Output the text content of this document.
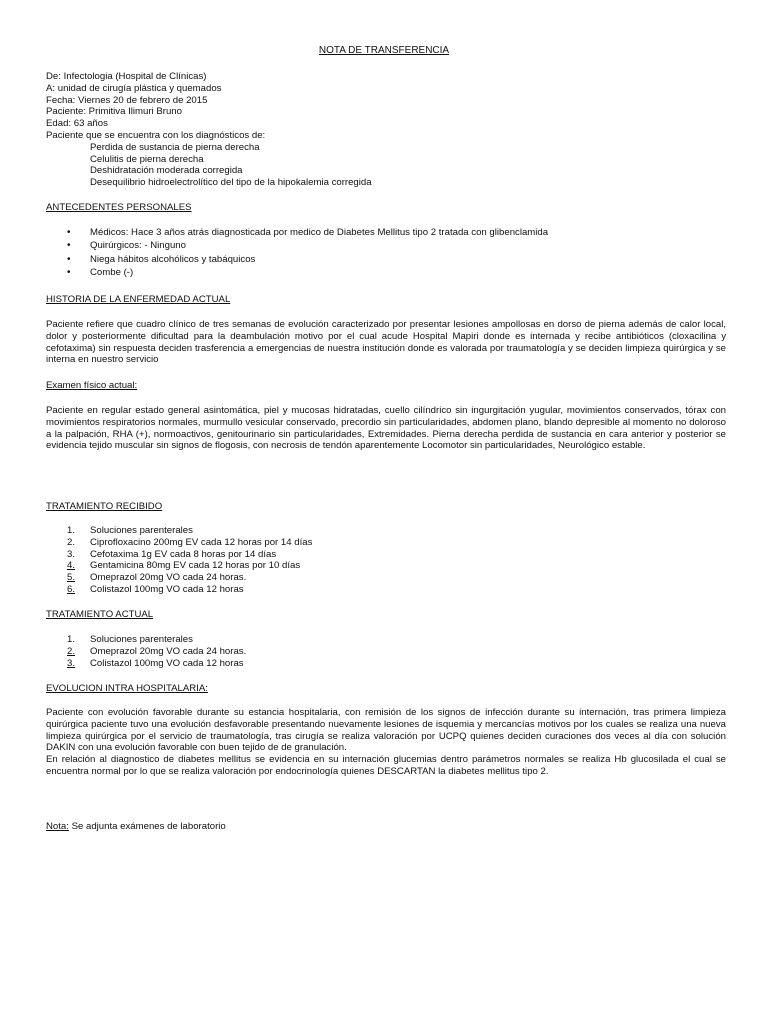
NOTA DE TRANSFERENCIA
De: Infectologia (Hospital de Clínicas)
A: unidad de cirugía plástica y quemados
Fecha: Viernes 20 de febrero de 2015
Paciente: Primitiva Ilimuri Bruno
Edad: 63 años
Paciente que se encuentra con los diagnósticos de:
Perdida de sustancia de pierna derecha
Celulitis de pierna derecha
Deshidratación moderada corregida
Desequilibrio hidroelectrolítico del tipo de la hipokalemia corregida
ANTECEDENTES PERSONALES
• Médicos: Hace 3 años atrás diagnosticada por medico de Diabetes Mellitus tipo 2 tratada con glibenclamida
• Quirúrgicos: - Ninguno
• Niega hábitos alcohólicos y tabáquicos
• Combe (-)
HISTORIA DE LA ENFERMEDAD ACTUAL
Paciente refiere que cuadro clínico de tres semanas de evolución caracterizado por presentar lesiones ampollosas en dorso de pierna además de calor local, dolor y posteriormente dificultad para la deambulación motivo por el cual acude Hospital Mapiri donde es internada y recibe antibióticos (cloxacilina y cefotaxima) sin respuesta deciden trasferencia a emergencias de nuestra institución donde es valorada por traumatología y se deciden limpieza quirúrgica y se interna en nuestro servicio
Examen físico actual:
Paciente en regular estado general asintomática, piel y mucosas hidratadas, cuello cilíndrico sin ingurgitación yugular, movimientos conservados, tórax con movimientos respiratorios normales, murmullo vesicular conservado, precordio sin particularidades, abdomen plano, blando depresible al momento no doloroso a la palpación, RHA (+), normoactivos, genitourinario sin particularidades, Extremidades. Pierna derecha perdida de sustancia en cara anterior y posterior se evidencia tejido muscular sin signos de flogosis, con necrosis de tendón aparentemente Locomotor sin particularidades, Neurológico estable.
TRATAMIENTO RECIBIDO
1.	Soluciones parenterales
2.	Ciprofloxacino 200mg EV cada 12 horas por 14 días
3.	Cefotaxima 1g EV cada 8 horas por 14 días
4.	Gentamicina 80mg EV cada 12 horas por 10 días
5.	Omeprazol 20mg VO cada 24 horas.
6.	Colistazol 100mg VO cada 12 horas
TRATAMIENTO ACTUAL
1.	Soluciones parenterales
2.	Omeprazol 20mg VO cada 24 horas.
3.	Colistazol 100mg VO cada 12 horas
EVOLUCION INTRA HOSPITALARIA:
Paciente con evolución favorable durante su estancia hospitalaria, con remisión de los signos de infección durante su internación, tras primera limpieza quirúrgica paciente tuvo una evolución desfavorable presentando nuevamente lesiones de isquemia y mercancías motivos por los cuales se realiza una nueva limpieza quirúrgica por el servicio de traumatología, tras cirugía se realiza valoración por UCPQ quienes deciden curaciones dos veces al día con solución DAKIN con una evolución favorable con buen tejido de de granulación.
En relación al diagnostico de diabetes mellitus se evidencia en su internación glucemias dentro parámetros normales se realiza Hb glucosilada el cual se encuentra normal por lo que se realiza valoración por endocrinología quienes DESCARTAN la diabetes mellitus tipo 2.
Nota: Se adjunta exámenes de laboratorio
